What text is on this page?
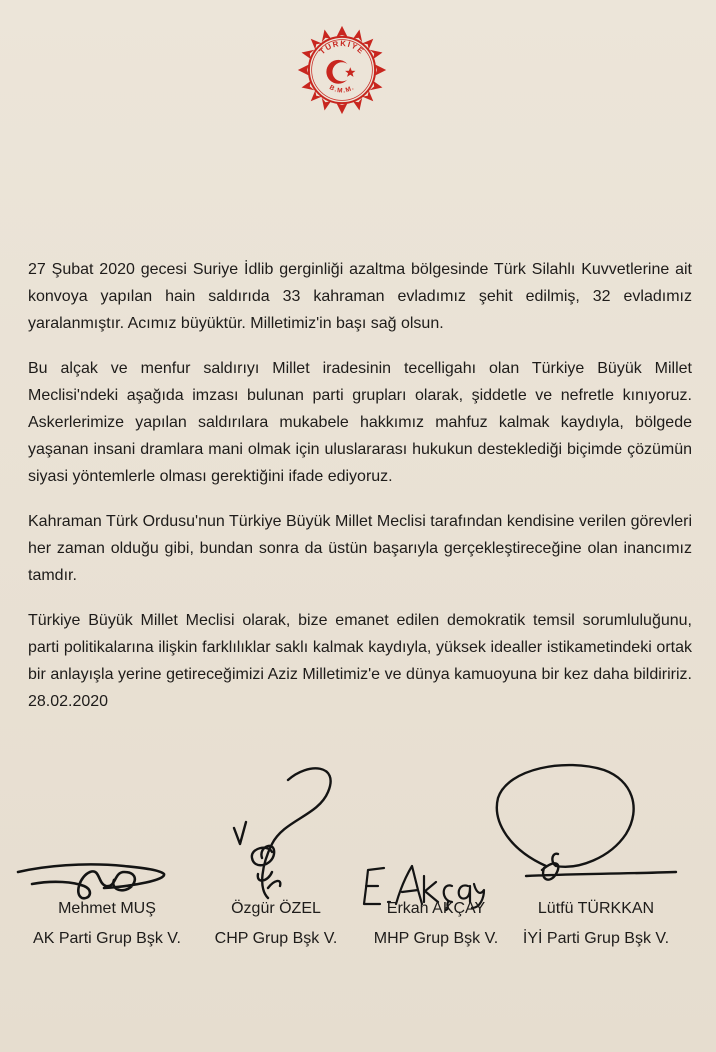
TÜRKİYE
B.M.M.

27 Şubat 2020 gecesi Suriye İdlib gerginliği azaltma bölgesinde Türk Silahlı Kuvvetlerine ait konvoya yapılan hain saldırıda 33 kahraman evladımız şehit edilmiş, 32 evladımız yaralanmıştır. Acımız büyüktür. Milletimiz'in başı sağ olsun.

Bu alçak ve menfur saldırıyı Millet iradesinin tecelligahı olan Türkiye Büyük Millet Meclisi'ndeki aşağıda imzası bulunan parti grupları olarak, şiddetle ve nefretle kınıyoruz. Askerlerimize yapılan saldırılara mukabele hakkımız mahfuz kalmak kaydıyla, bölgede yaşanan insani dramlara mani olmak için uluslararası hukukun desteklediği biçimde çözümün siyasi yöntemlerle olması gerektiğini ifade ediyoruz.

Kahraman Türk Ordusu'nun Türkiye Büyük Millet Meclisi tarafından kendisine verilen görevleri her zaman olduğu gibi, bundan sonra da üstün başarıyla gerçekleştireceğine olan inancımız tamdır.

Türkiye Büyük Millet Meclisi olarak, bize emanet edilen demokratik temsil sorumluluğunu, parti politikalarına ilişkin farklılıklar saklı kalmak kaydıyla, yüksek idealler istikametindeki ortak bir anlayışla yerine getireceğimizi Aziz Milletimiz'e ve dünya kamuoyuna bir kez daha bildiririz. 28.02.2020

Mehmet MUŞ
AK Parti Grup Bşk V.
Özgür ÖZEL
CHP Grup Bşk V.
Erkan AKÇAY
MHP Grup Bşk V.
Lütfü TÜRKKAN
İYİ Parti Grup Bşk V.
